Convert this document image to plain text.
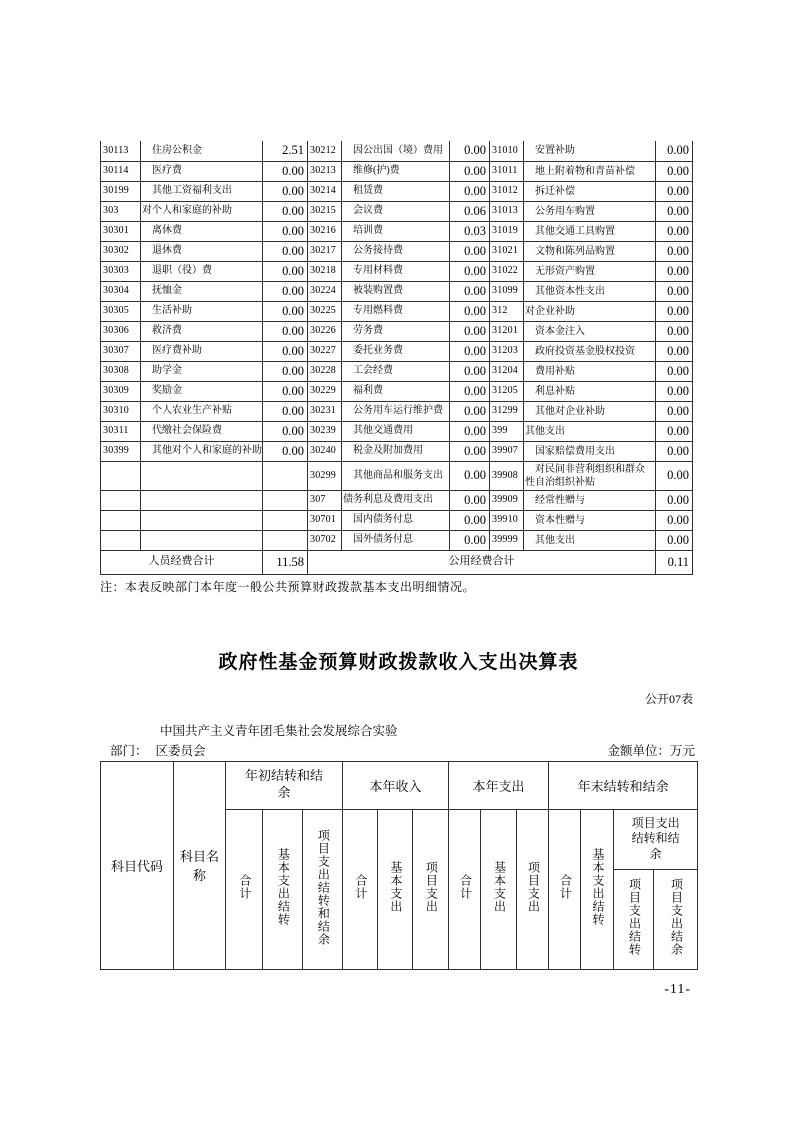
30113	　住房公积金	2.51	30212	　因公出国（境）费用	0.00	31010	　安置补助	0.00
30114	　医疗费	0.00	30213	　维修(护)费	0.00	31011	　地上附着物和青苗补偿	0.00
30199	　其他工资福利支出	0.00	30214	　租赁费	0.00	31012	　拆迁补偿	0.00
303	对个人和家庭的补助	0.00	30215	　会议费	0.06	31013	　公务用车购置	0.00
30301	　离休费	0.00	30216	　培训费	0.03	31019	　其他交通工具购置	0.00
30302	　退休费	0.00	30217	　公务接待费	0.00	31021	　文物和陈列品购置	0.00
30303	　退职（役）费	0.00	30218	　专用材料费	0.00	31022	　无形资产购置	0.00
30304	　抚恤金	0.00	30224	　被装购置费	0.00	31099	　其他资本性支出	0.00
30305	　生活补助	0.00	30225	　专用燃料费	0.00	312	对企业补助	0.00
30306	　救济费	0.00	30226	　劳务费	0.00	31201	　资本金注入	0.00
30307	　医疗费补助	0.00	30227	　委托业务费	0.00	31203	　政府投资基金股权投资	0.00
30308	　助学金	0.00	30228	　工会经费	0.00	31204	　费用补贴	0.00
30309	　奖励金	0.00	30229	　福利费	0.00	31205	　利息补贴	0.00
30310	　个人农业生产补贴	0.00	30231	　公务用车运行维护费	0.00	31299	　其他对企业补助	0.00
30311	　代缴社会保险费	0.00	30239	　其他交通费用	0.00	399	其他支出	0.00
30399	　其他对个人和家庭的补助	0.00	30240	　税金及附加费用	0.00	39907	　国家赔偿费用支出	0.00
			30299	　其他商品和服务支出	0.00	39908	　对民间非营利组织和群众性自治组织补贴	0.00
			307	债务利息及费用支出	0.00	39909	　经常性赠与	0.00
			30701	　国内债务付息	0.00	39910	　资本性赠与	0.00
			30702	　国外债务付息	0.00	39999	　其他支出	0.00
人员经费合计		11.58	公用经费合计					0.11
注：本表反映部门本年度一般公共预算财政拨款基本支出明细情况。
政府性基金预算财政拨款收入支出决算表
公开07表
中国共产主义青年团毛集社会发展综合实验
部门： 区委员会	金额单位：万元
科目代码	科目名称	年初结转和结余			本年收入			本年支出			年末结转和结余			
		合计	基本支出结转	项目支出结转和结余	合计	基本支出	项目支出	合计	基本支出	项目支出	合计	基本支出结转	项目支出结转和结余	
													项目支出结转	项目支出结余
-11-
